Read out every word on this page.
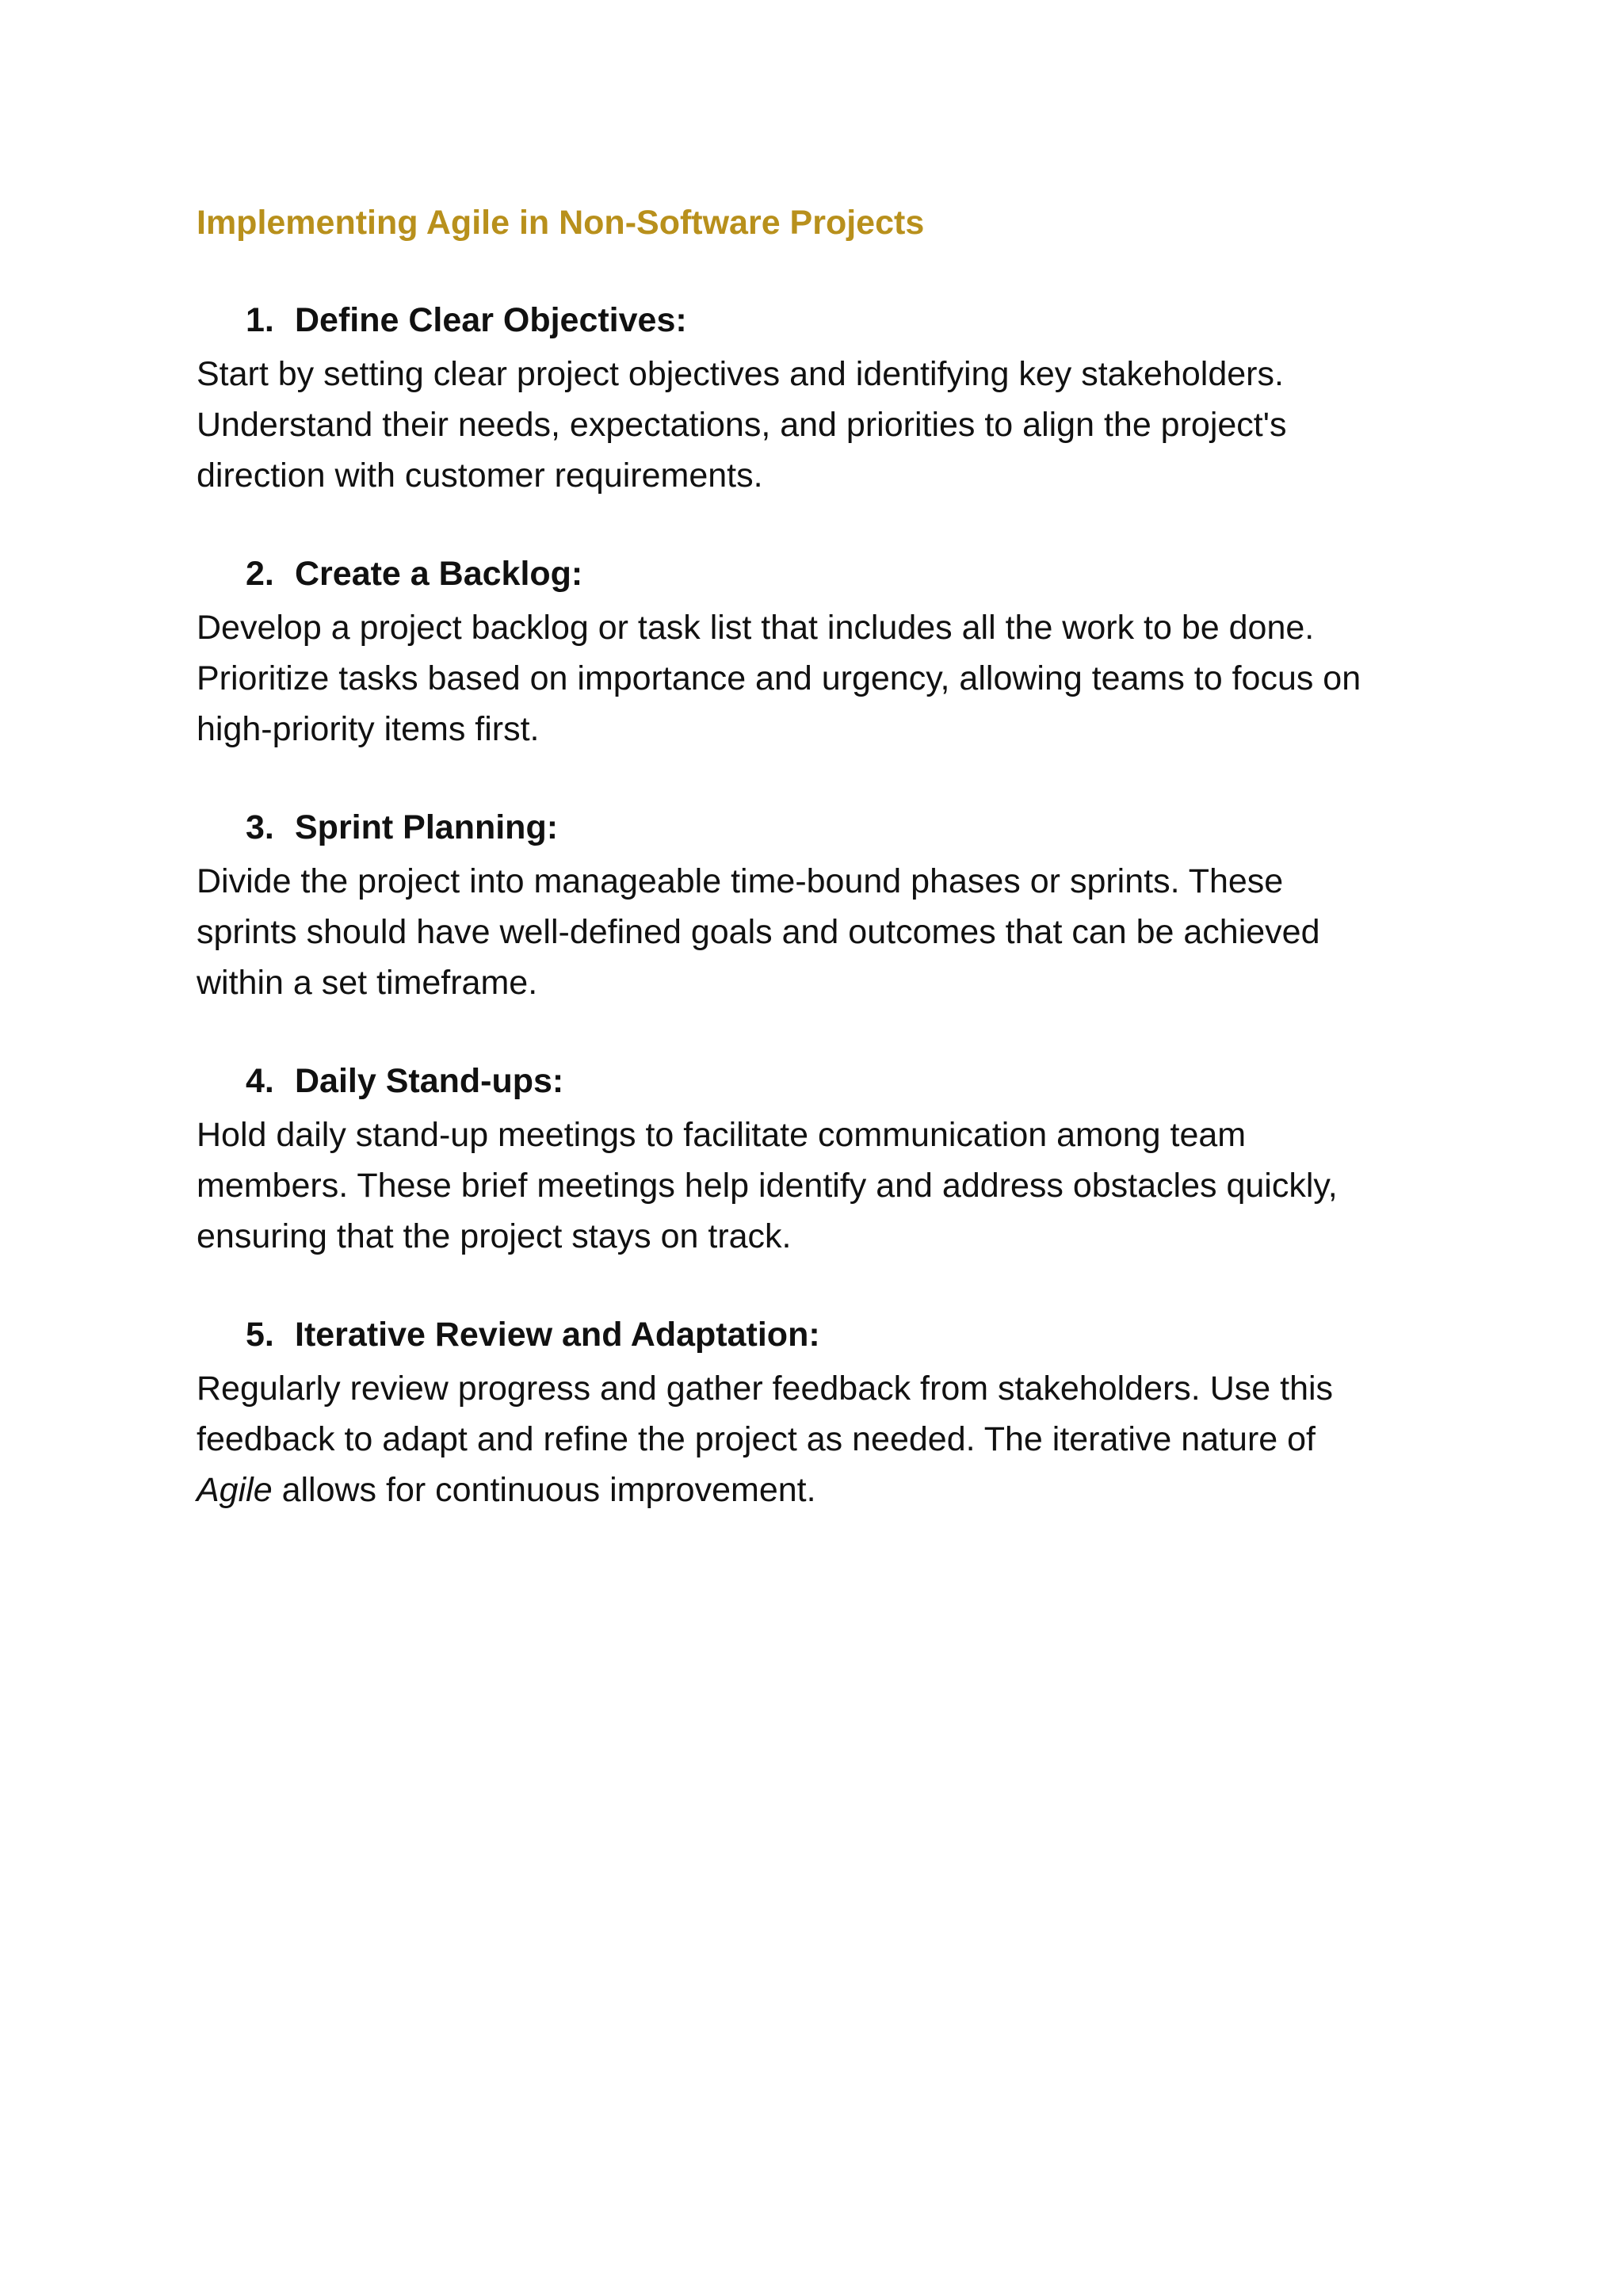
Implementing Agile in Non-Software Projects

1. Define Clear Objectives:

Start by setting clear project objectives and identifying key stakeholders.
Understand their needs, expectations, and priorities to align the project's
direction with customer requirements.

2. Create a Backlog:

Develop a project backlog or task list that includes all the work to be done.
Prioritize tasks based on importance and urgency, allowing teams to focus on
high-priority items first.

3. Sprint Planning:

Divide the project into manageable time-bound phases or sprints. These
sprints should have well-defined goals and outcomes that can be achieved
within a set timeframe.

4. Daily Stand-ups:

Hold daily stand-up meetings to facilitate communication among team
members. These brief meetings help identify and address obstacles quickly,
ensuring that the project stays on track.

5. Iterative Review and Adaptation:

Regularly review progress and gather feedback from stakeholders. Use this
feedback to adapt and refine the project as needed. The iterative nature of
Agile allows for continuous improvement.
